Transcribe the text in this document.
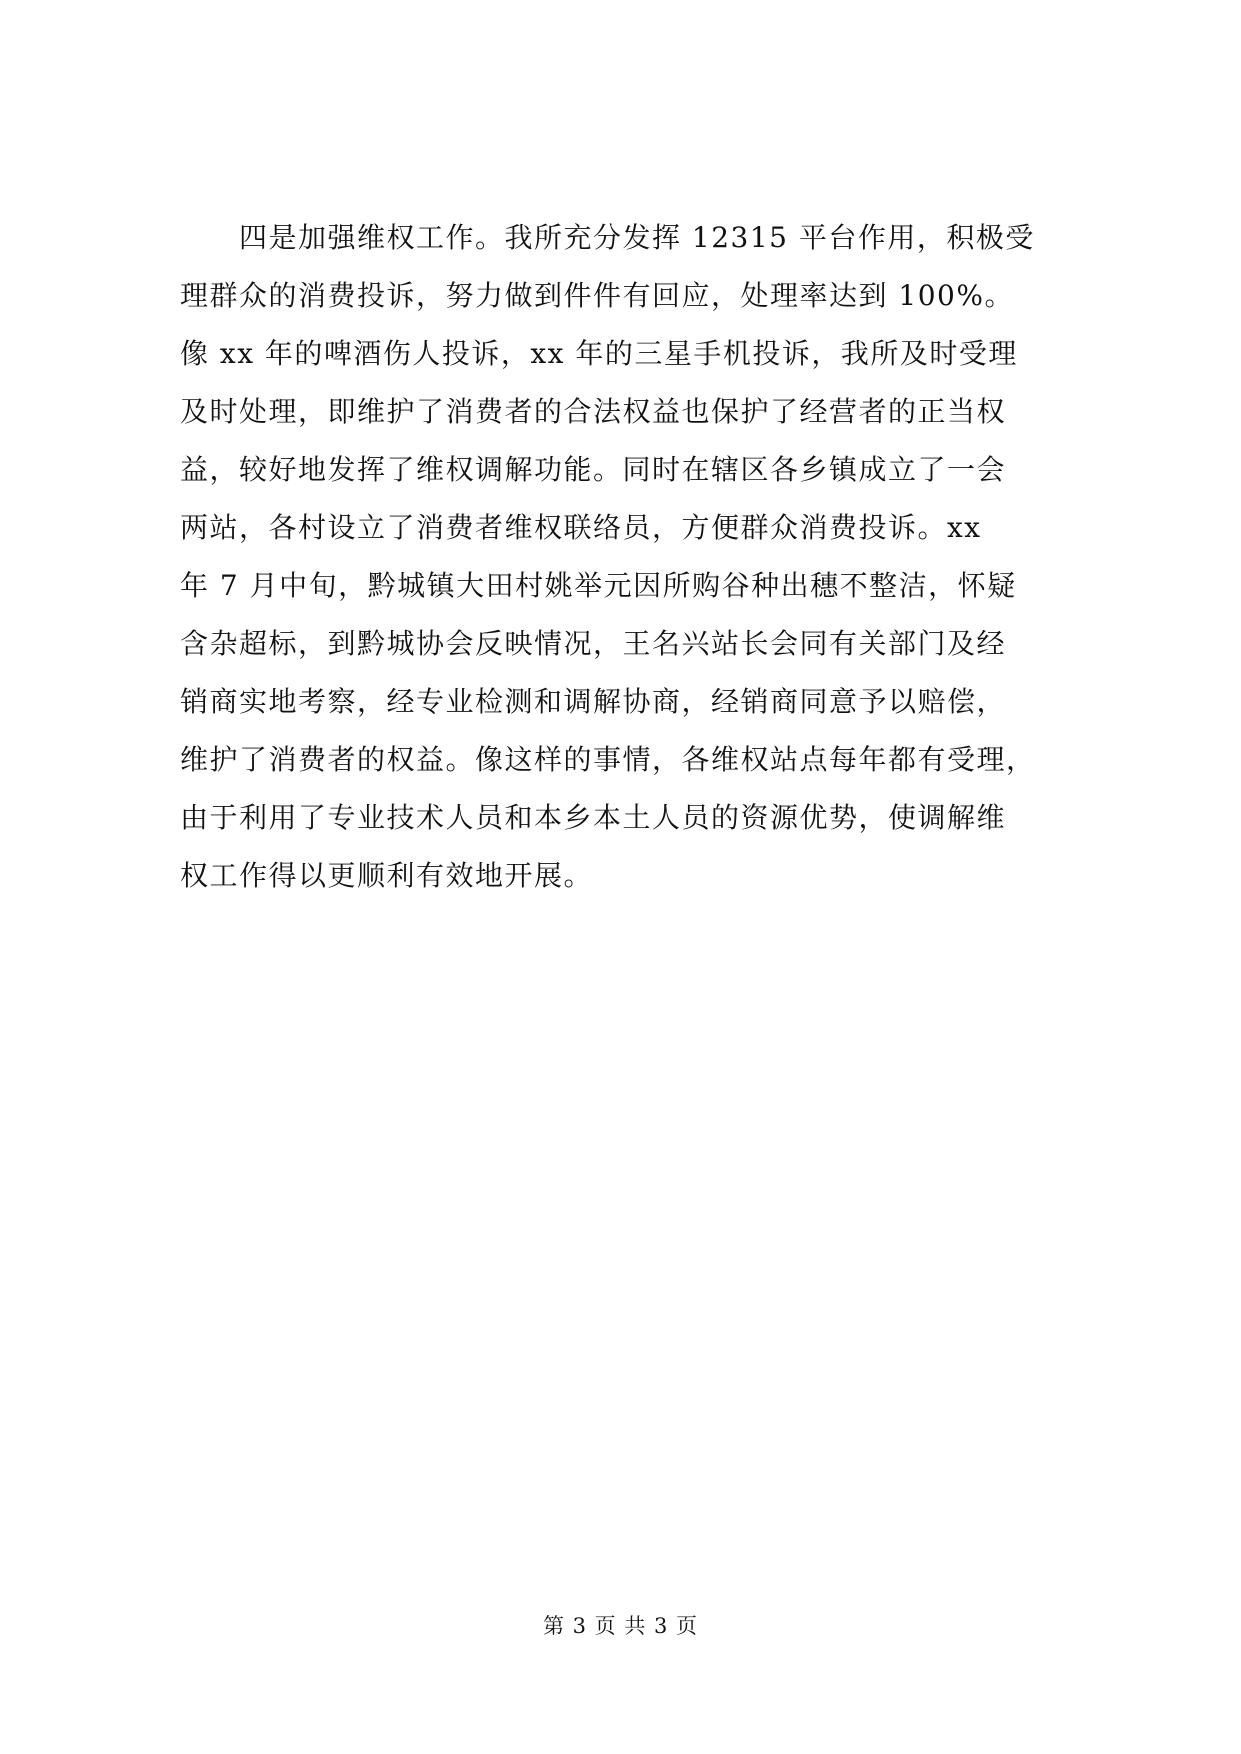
　　四是加强维权工作。我所充分发挥 12315 平台作用，积极受
理群众的消费投诉，努力做到件件有回应，处理率达到 100%。
像 xx 年的啤酒伤人投诉，xx 年的三星手机投诉，我所及时受理
及时处理，即维护了消费者的合法权益也保护了经营者的正当权
益，较好地发挥了维权调解功能。同时在辖区各乡镇成立了一会
两站，各村设立了消费者维权联络员，方便群众消费投诉。xx
年 7 月中旬，黔城镇大田村姚举元因所购谷种出穗不整洁，怀疑
含杂超标，到黔城协会反映情况，王名兴站长会同有关部门及经
销商实地考察，经专业检测和调解协商，经销商同意予以赔偿，
维护了消费者的权益。像这样的事情，各维权站点每年都有受理，
由于利用了专业技术人员和本乡本土人员的资源优势，使调解维
权工作得以更顺利有效地开展。
第 3 页 共 3 页
